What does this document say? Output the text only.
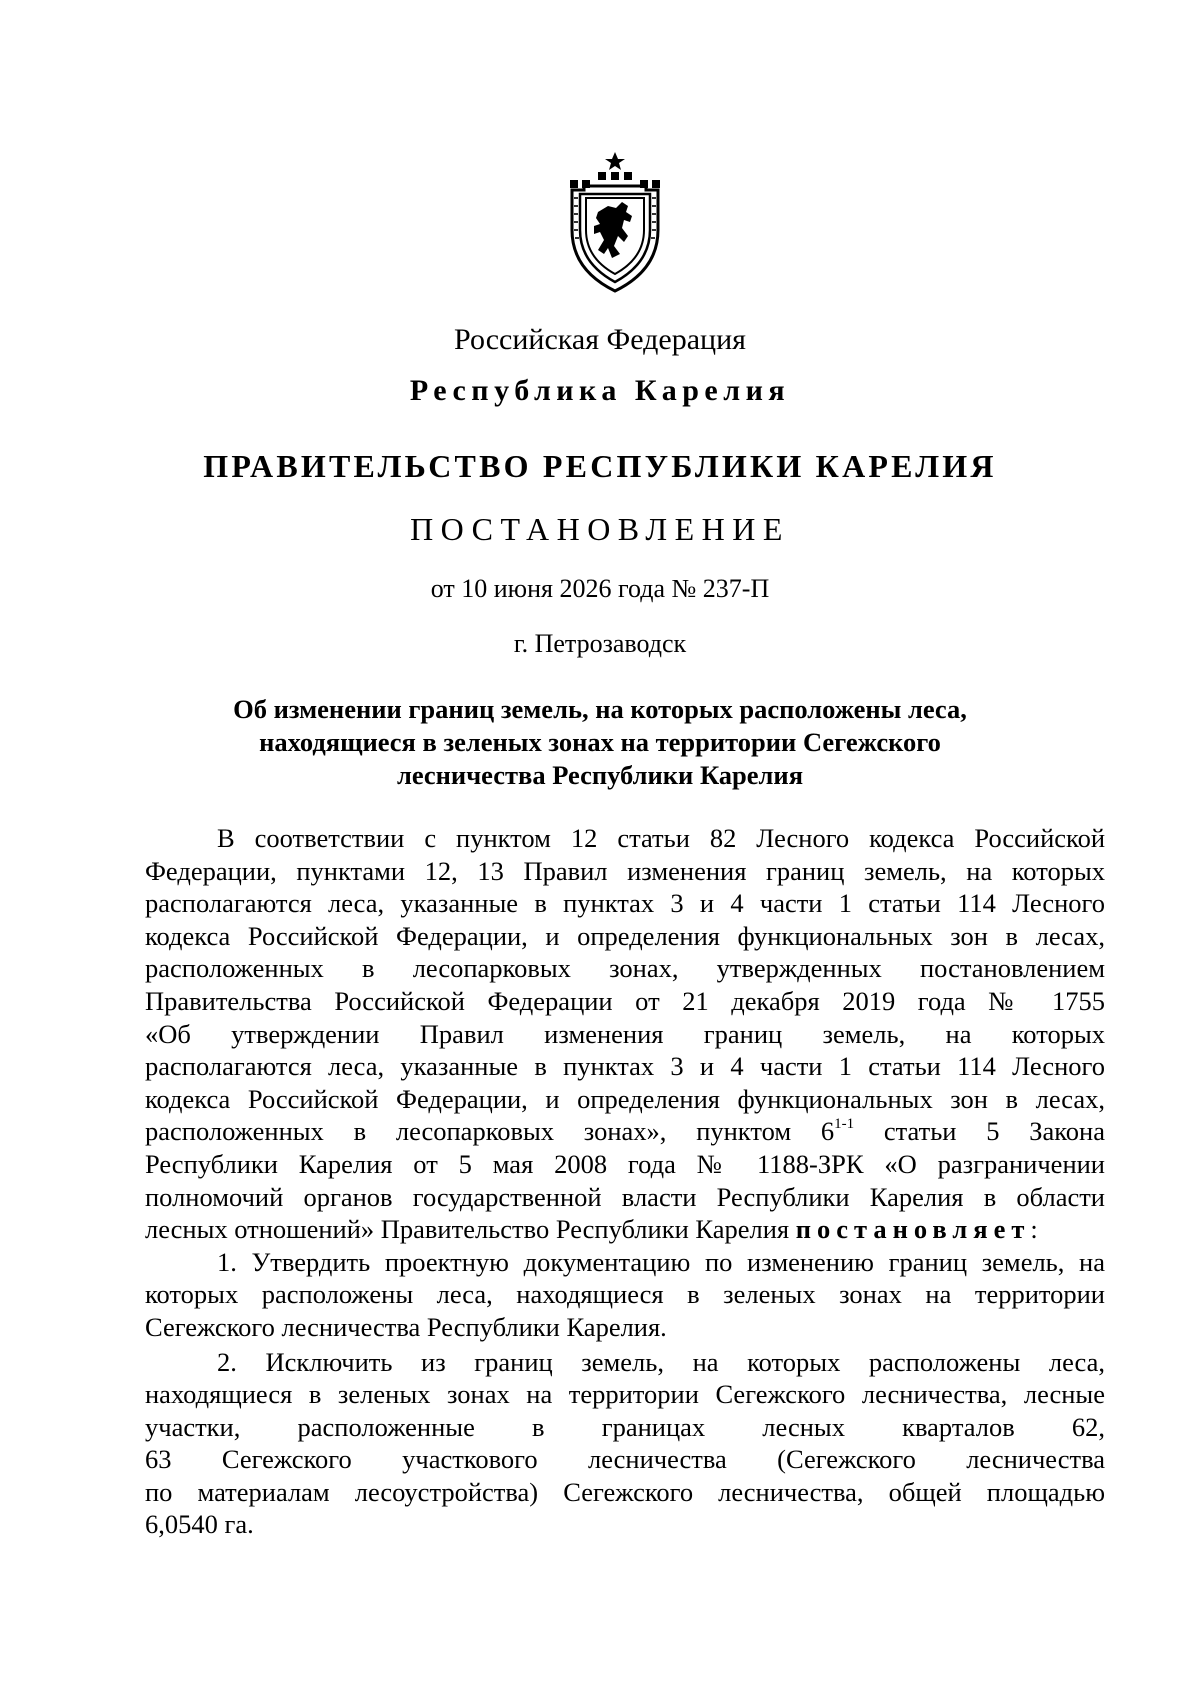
Российская Федерация
Республика Карелия
ПРАВИТЕЛЬСТВО РЕСПУБЛИКИ КАРЕЛИЯ
ПОСТАНОВЛЕНИЕ
от 10 июня 2026 года № 237-П
г. Петрозаводск
Об изменении границ земель, на которых расположены леса,
находящиеся в зеленых зонах на территории Сегежского
лесничества Республики Карелия
В соответствии с пунктом 12 статьи 82 Лесного кодекса Российской
Федерации, пунктами 12, 13 Правил изменения границ земель, на которых
располагаются леса, указанные в пунктах 3 и 4 части 1 статьи 114 Лесного
кодекса Российской Федерации, и определения функциональных зон в лесах,
расположенных в лесопарковых зонах, утвержденных постановлением
Правительства Российской Федерации от 21 декабря 2019 года № 1755
«Об утверждении Правил изменения границ земель, на которых
располагаются леса, указанные в пунктах 3 и 4 части 1 статьи 114 Лесного
кодекса Российской Федерации, и определения функциональных зон в лесах,
расположенных в лесопарковых зонах», пунктом 6$^{1-1}$ статьи 5 Закона
Республики Карелия от 5 мая 2008 года № 1188-ЗРК «О разграничении
полномочий органов государственной власти Республики Карелия в области
лесных отношений» Правительство Республики Карелия постановляет:
1. Утвердить проектную документацию по изменению границ земель, на
которых расположены леса, находящиеся в зеленых зонах на территории
Сегежского лесничества Республики Карелия.
2. Исключить из границ земель, на которых расположены леса,
находящиеся в зеленых зонах на территории Сегежского лесничества, лесные
участки, расположенные в границах лесных кварталов 62,
63 Сегежского участкового лесничества (Сегежского лесничества
по материалам лесоустройства) Сегежского лесничества, общей площадью
6,0540 га.
